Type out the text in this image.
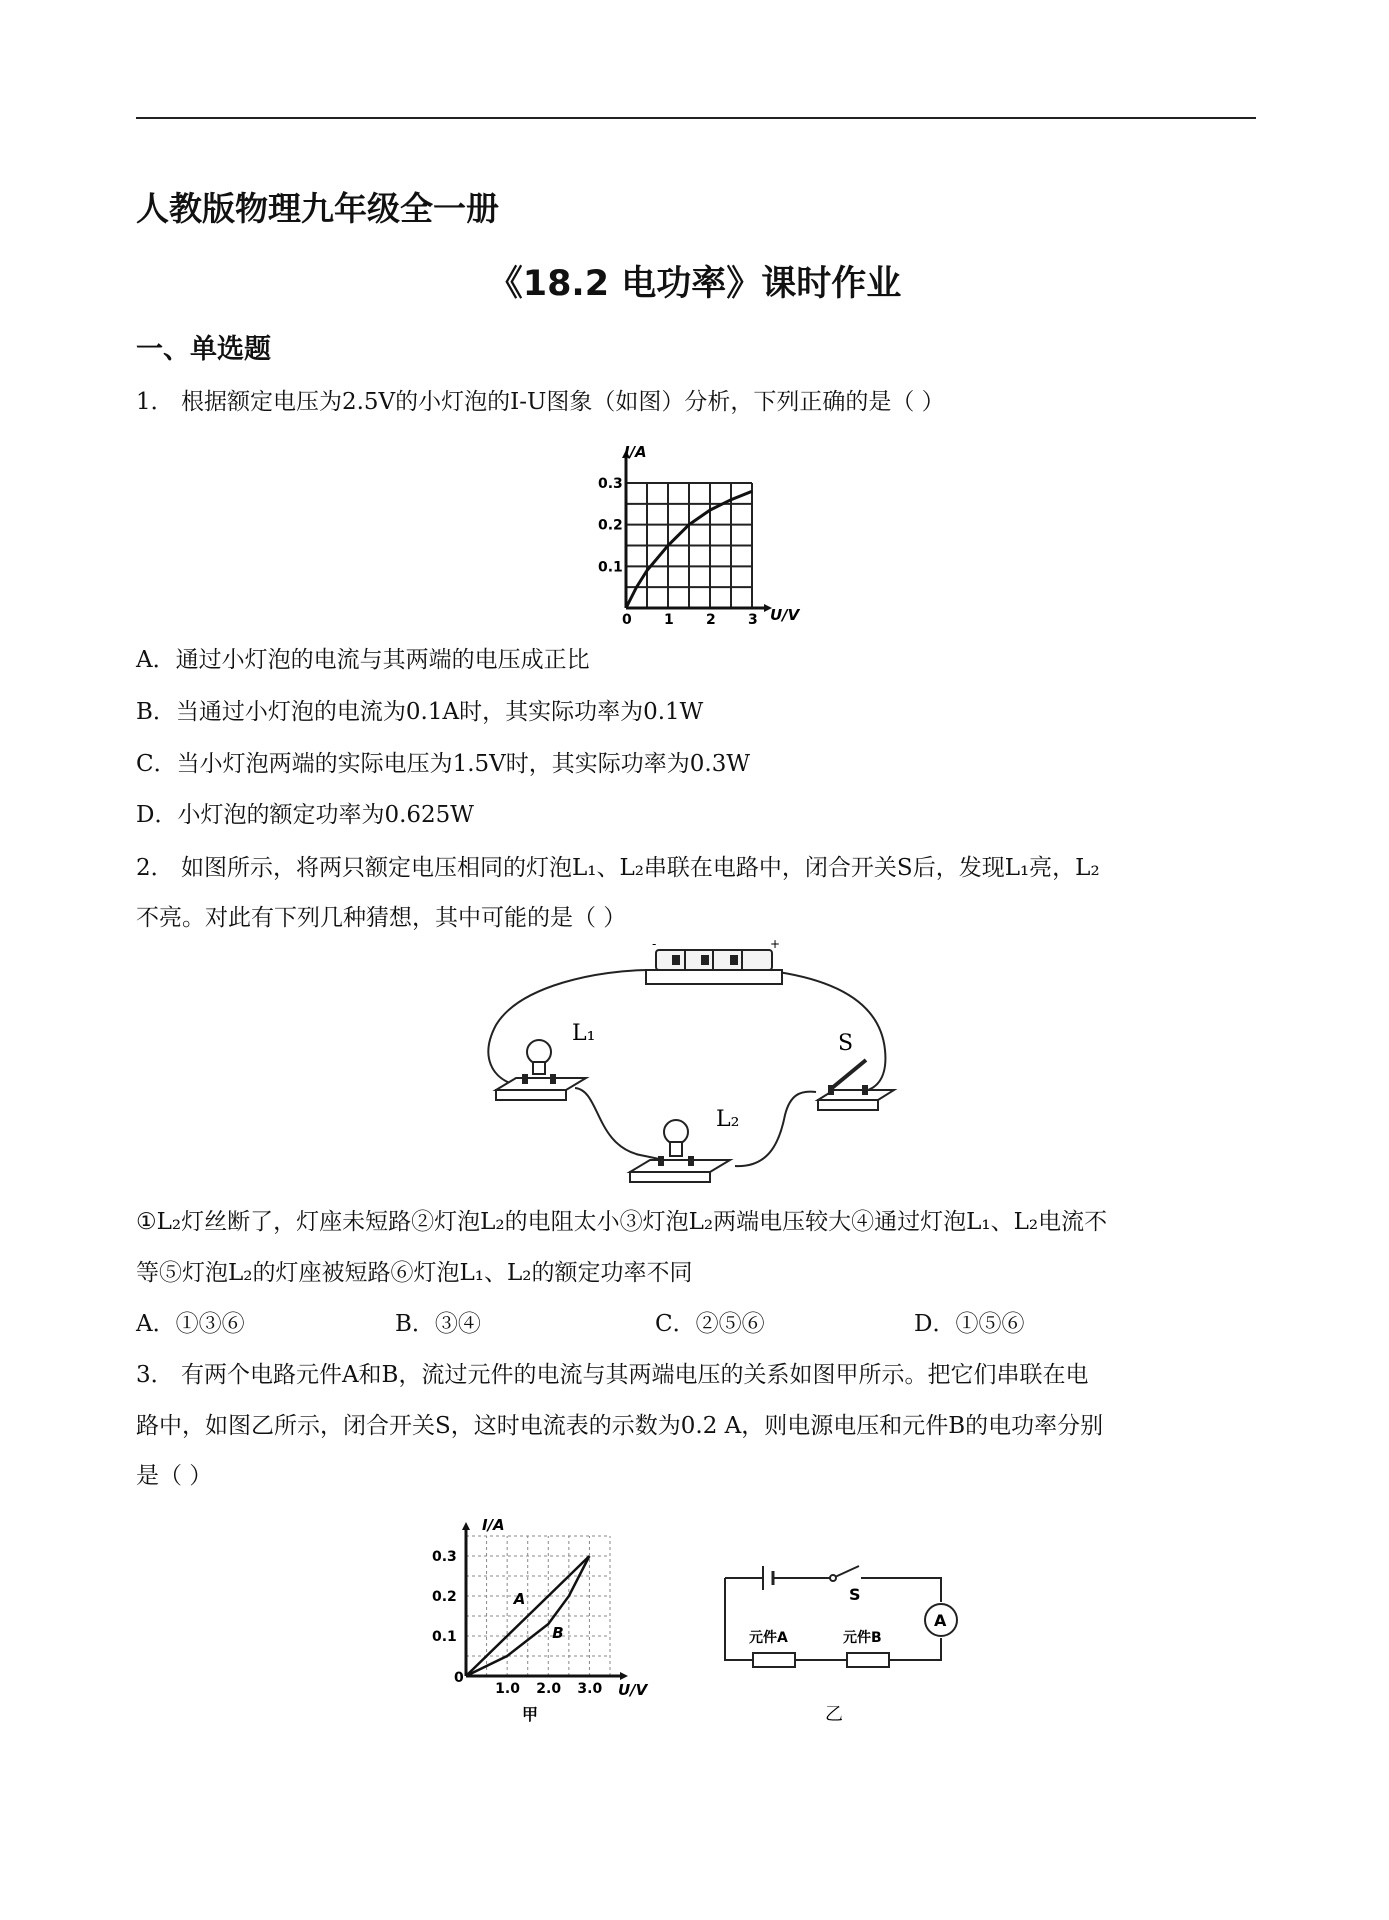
人教版物理九年级全一册
《18.2 电功率》课时作业
一、单选题
1． 根据额定电压为2.5V的小灯泡的I-U图象（如图）分析，下列正确的是（ ）
0 1 2 3
0.1
0.2
0.3
I/A
U/V
A．通过小灯泡的电流与其两端的电压成正比
B．当通过小灯泡的电流为0.1A时，其实际功率为0.1W
C．当小灯泡两端的实际电压为1.5V时，其实际功率为0.3W
D．小灯泡的额定功率为0.625W
2． 如图所示，将两只额定电压相同的灯泡L₁、L₂串联在电路中，闭合开关S后，发现L₁亮，L₂
不亮。对此有下列几种猜想，其中可能的是（ ）
-	+
L₁
L₂
S
①L₂灯丝断了，灯座未短路②灯泡L₂的电阻太小③灯泡L₂两端电压较大④通过灯泡L₁、L₂电流不
等⑤灯泡L₂的灯座被短路⑥灯泡L₁、L₂的额定功率不同
A．①③⑥	B．③④	C．②⑤⑥	D．①⑤⑥
3． 有两个电路元件A和B，流过元件的电流与其两端电压的关系如图甲所示。把它们串联在电
路中，如图乙所示，闭合开关S，这时电流表的示数为0.2 A，则电源电压和元件B的电功率分别
是（ ）
A
B
1.0 2.0 3.0
0.1
0.2
0.3
0
I/A
U/V
甲
S
A
元件A	元件B
乙
